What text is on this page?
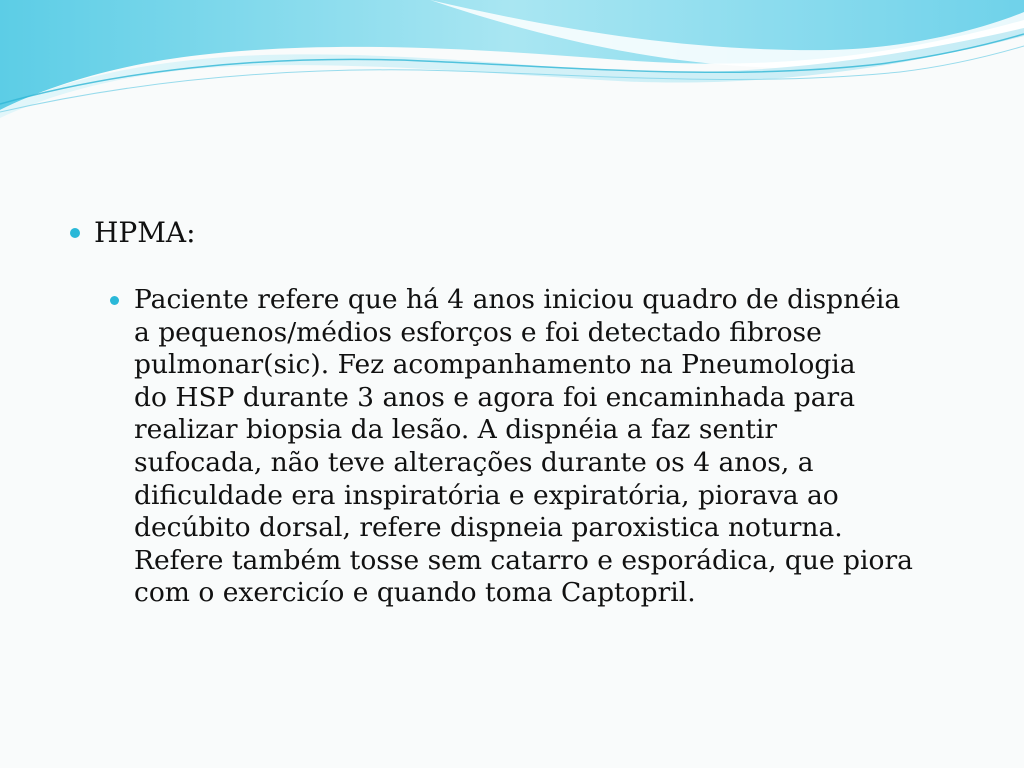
HPMA:
Paciente refere que há 4 anos iniciou quadro de dispnéia
a pequenos/médios esforços e foi detectado fibrose
pulmonar(sic). Fez acompanhamento na Pneumologia
do HSP durante 3 anos e agora foi encaminhada para
realizar biopsia da lesão. A dispnéia a faz sentir
sufocada, não teve alterações durante os 4 anos, a
dificuldade era inspiratória e expiratória, piorava ao
decúbito dorsal, refere dispneia paroxistica noturna.
Refere também tosse sem catarro e esporádica, que piora
com o exercicío e quando toma Captopril.
